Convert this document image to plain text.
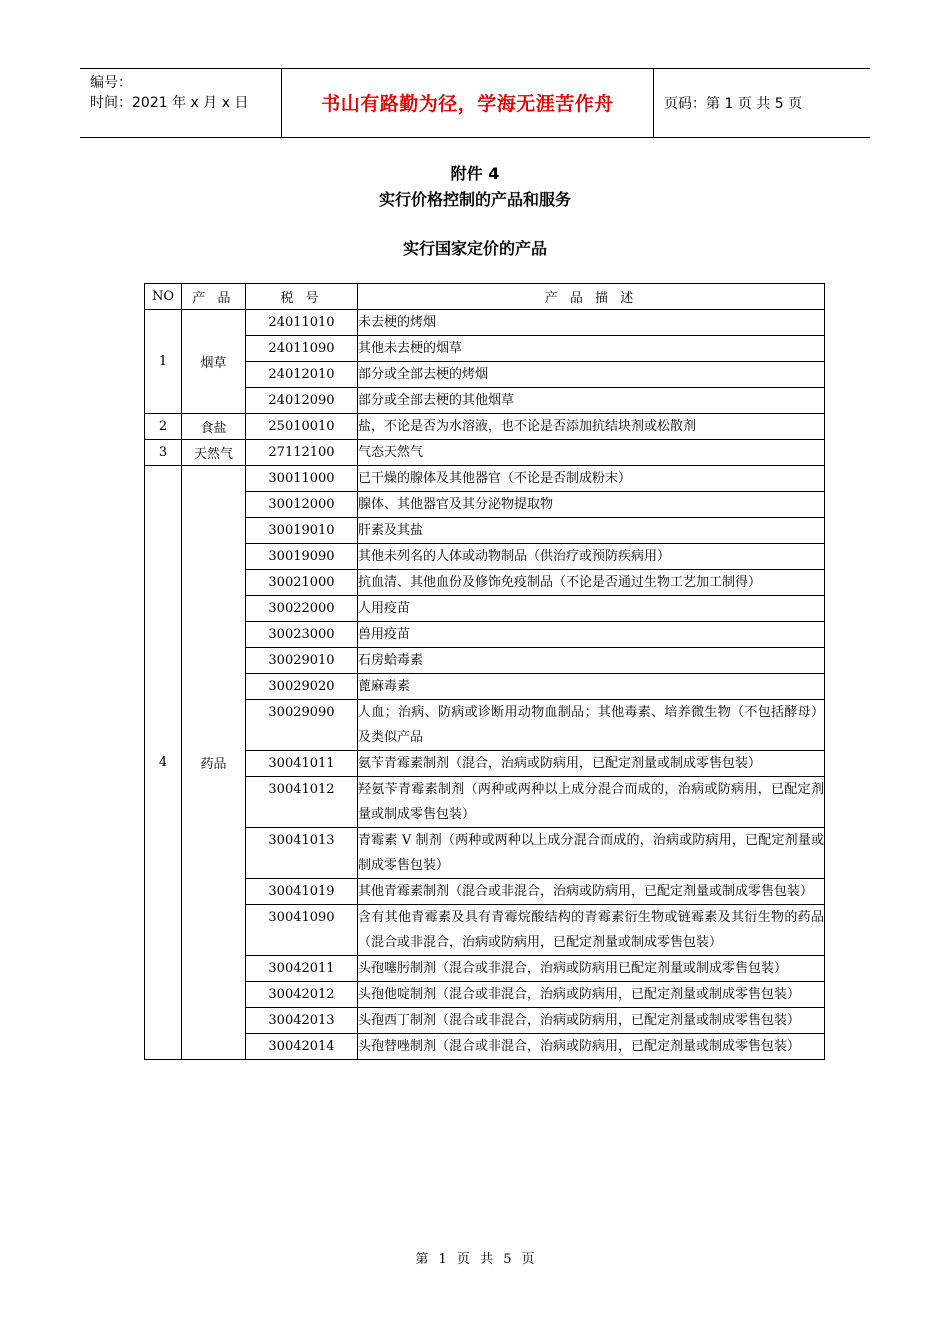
编号：
时间：2021 年 x 月 x 日	书山有路勤为径，学海无涯苦作舟	页码：第 1 页 共 5 页
附件 4
实行价格控制的产品和服务
实行国家定价的产品
NO	产 品	税 号	产 品 描 述
1	烟草	24011010	未去梗的烤烟
		24011090	其他未去梗的烟草
		24012010	部分或全部去梗的烤烟
		24012090	部分或全部去梗的其他烟草
2	食盐	25010010	盐，不论是否为水溶液，也不论是否添加抗结块剂或松散剂
3	天然气	27112100	气态天然气
4	药品	30011000	已干燥的腺体及其他器官（不论是否制成粉末）
		30012000	腺体、其他器官及其分泌物提取物
		30019010	肝素及其盐
		30019090	其他未列名的人体或动物制品（供治疗或预防疾病用）
		30021000	抗血清、其他血份及修饰免疫制品（不论是否通过生物工艺加工制得）
		30022000	人用疫苗
		30023000	兽用疫苗
		30029010	石房蛤毒素
		30029020	蓖麻毒素
		30029090	人血；治病、防病或诊断用动物血制品；其他毒素、培养微生物（不包括酵母）及类似产品
		30041011	氨苄青霉素制剂（混合，治病或防病用，已配定剂量或制成零售包装）
		30041012	羟氨苄青霉素制剂（两种或两种以上成分混合而成的，治病或防病用，已配定剂量或制成零售包装）
		30041013	青霉素 V 制剂（两种或两种以上成分混合而成的，治病或防病用，已配定剂量或制成零售包装）
		30041019	其他青霉素制剂（混合或非混合，治病或防病用，已配定剂量或制成零售包装）
		30041090	含有其他青霉素及具有青霉烷酸结构的青霉素衍生物或链霉素及其衍生物的药品（混合或非混合，治病或防病用，已配定剂量或制成零售包装）
		30042011	头孢噻肟制剂（混合或非混合，治病或防病用已配定剂量或制成零售包装）
		30042012	头孢他啶制剂（混合或非混合，治病或防病用，已配定剂量或制成零售包装）
		30042013	头孢西丁制剂（混合或非混合，治病或防病用，已配定剂量或制成零售包装）
		30042014	头孢替唑制剂（混合或非混合，治病或防病用，已配定剂量或制成零售包装）
第 1 页 共 5 页
